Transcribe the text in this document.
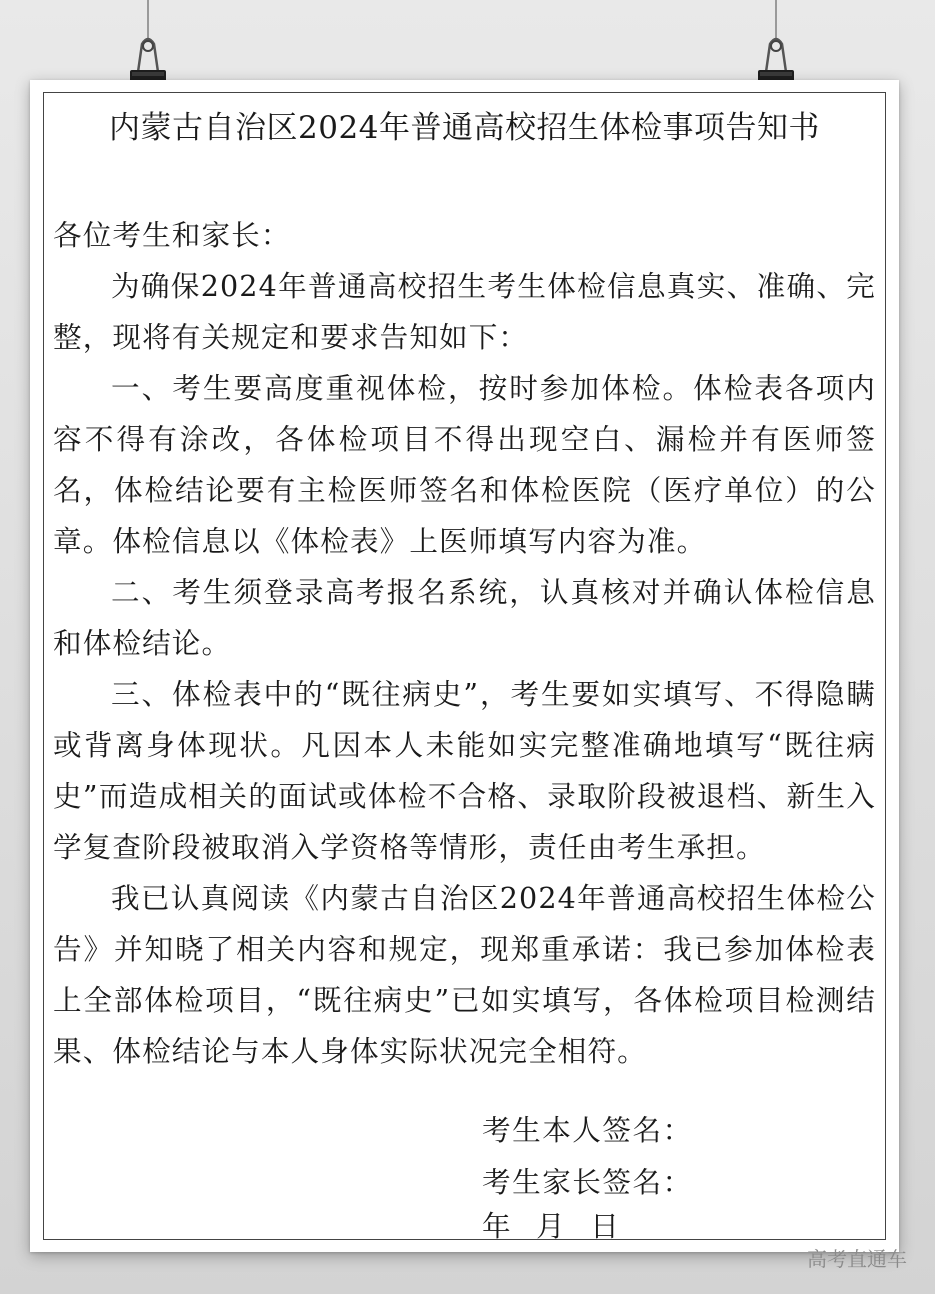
内蒙古自治区2024年普通高校招生体检事项告知书

各位考生和家长：

为确保2024年普通高校招生考生体检信息真实、准确、完整，现将有关规定和要求告知如下：

一、考生要高度重视体检，按时参加体检。体检表各项内容不得有涂改，各体检项目不得出现空白、漏检并有医师签名，体检结论要有主检医师签名和体检医院（医疗单位）的公章。体检信息以《体检表》上医师填写内容为准。

二、考生须登录高考报名系统，认真核对并确认体检信息和体检结论。

三、体检表中的“既往病史”，考生要如实填写、不得隐瞒或背离身体现状。凡因本人未能如实完整准确地填写“既往病史”而造成相关的面试或体检不合格、录取阶段被退档、新生入学复查阶段被取消入学资格等情形，责任由考生承担。

我已认真阅读《内蒙古自治区2024年普通高校招生体检公告》并知晓了相关内容和规定，现郑重承诺：我已参加体检表上全部体检项目，“既往病史”已如实填写，各体检项目检测结果、体检结论与本人身体实际状况完全相符。

考生本人签名：
考生家长签名：
年 月 日
高考直通车
